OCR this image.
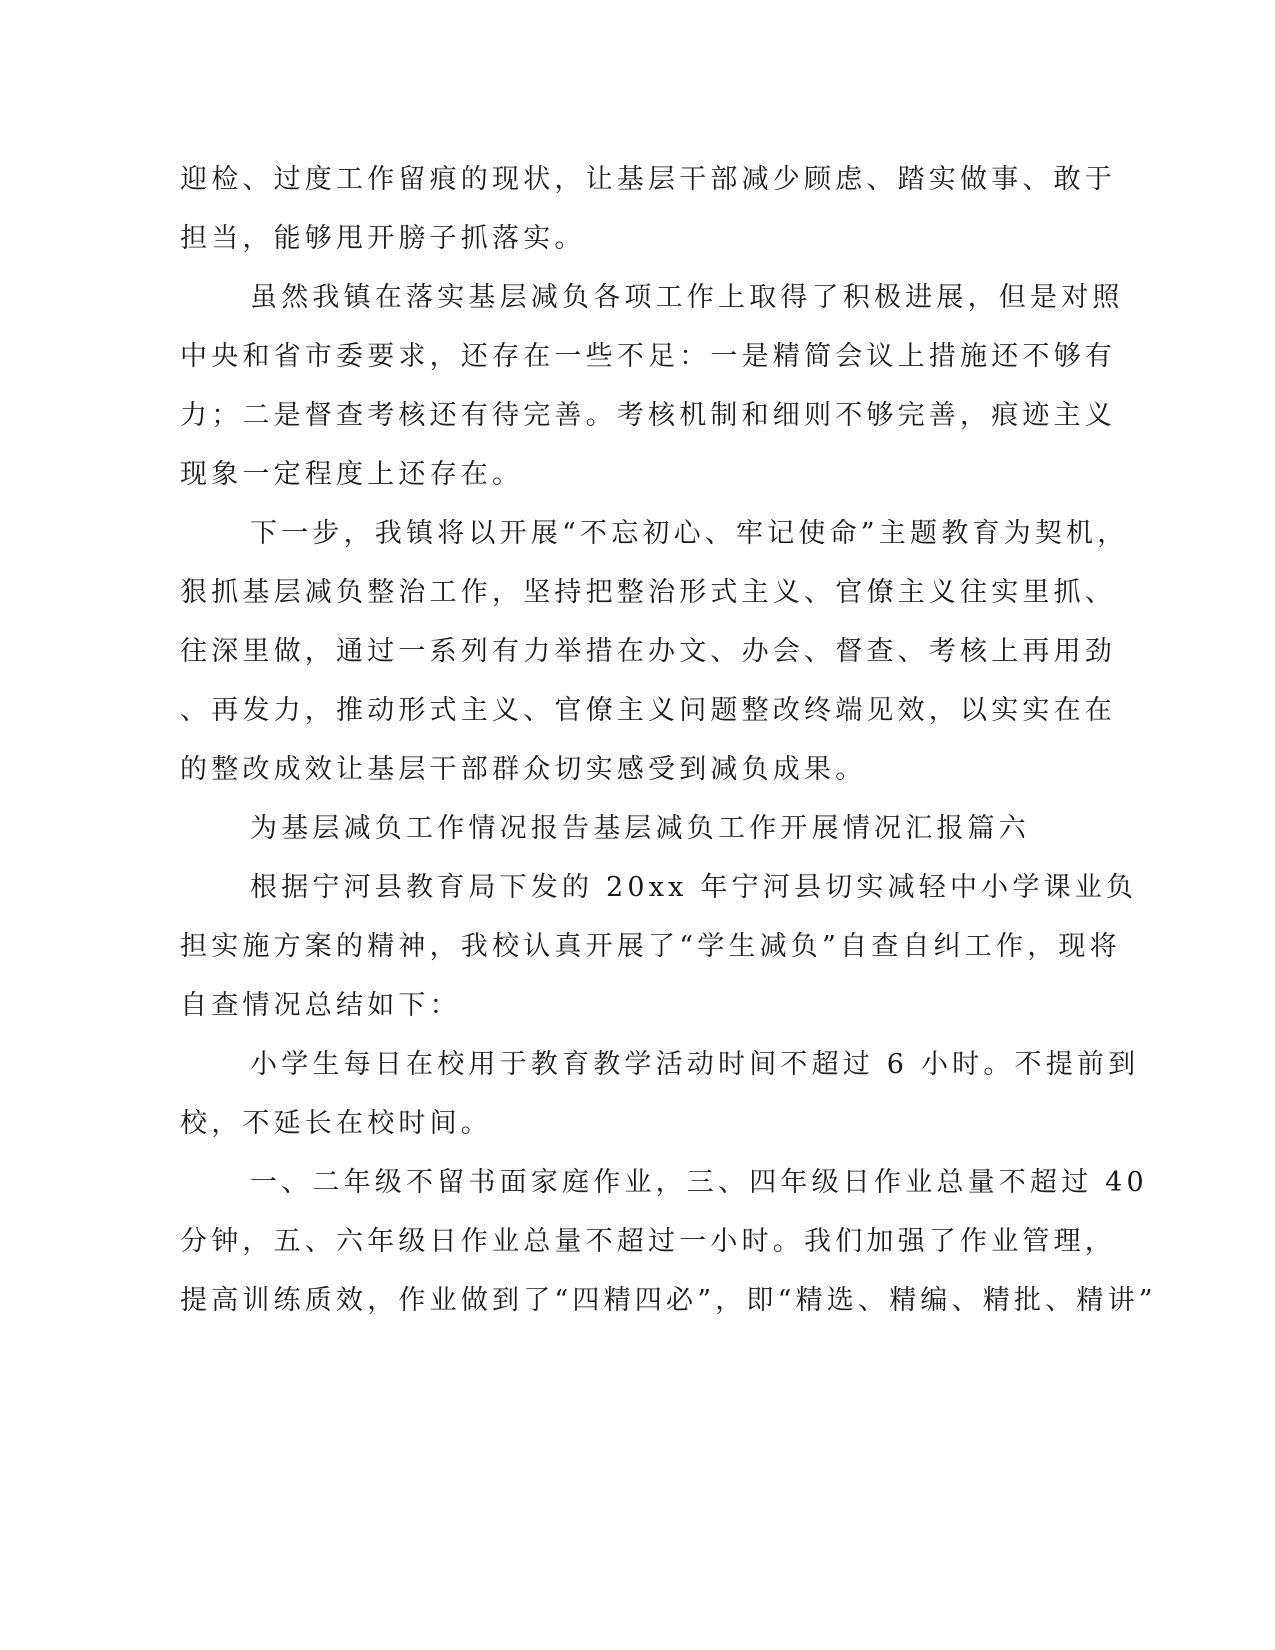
迎检、过度工作留痕的现状，让基层干部减少顾虑、踏实做事、敢于
担当，能够甩开膀子抓落实。
虽然我镇在落实基层减负各项工作上取得了积极进展，但是对照
中央和省市委要求，还存在一些不足：一是精简会议上措施还不够有
力；二是督查考核还有待完善。考核机制和细则不够完善，痕迹主义
现象一定程度上还存在。
下一步，我镇将以开展“不忘初心、牢记使命”主题教育为契机，
狠抓基层减负整治工作，坚持把整治形式主义、官僚主义往实里抓、
往深里做，通过一系列有力举措在办文、办会、督查、考核上再用劲
、再发力，推动形式主义、官僚主义问题整改终端见效，以实实在在
的整改成效让基层干部群众切实感受到减负成果。
为基层减负工作情况报告基层减负工作开展情况汇报篇六
根据宁河县教育局下发的 20xx 年宁河县切实减轻中小学课业负
担实施方案的精神，我校认真开展了“学生减负”自查自纠工作，现将
自查情况总结如下：
小学生每日在校用于教育教学活动时间不超过 6 小时。不提前到
校，不延长在校时间。
一、二年级不留书面家庭作业，三、四年级日作业总量不超过 40
分钟，五、六年级日作业总量不超过一小时。我们加强了作业管理，
提高训练质效，作业做到了“四精四必”，即“精选、精编、精批、精讲”
